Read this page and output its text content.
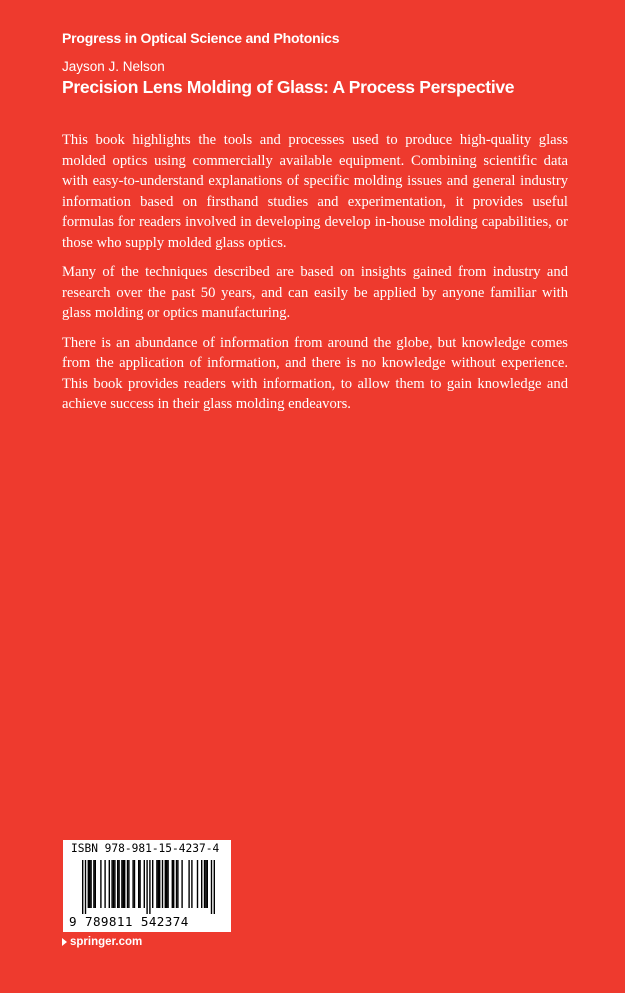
Progress in Optical Science and Photonics
Jayson J. Nelson
Precision Lens Molding of Glass: A Process Perspective

This book highlights the tools and processes used to produce high-quality glass molded optics using commercially available equipment. Combining scientific data with easy-to-understand explanations of specific molding issues and general industry information based on firsthand studies and experimentation, it provides useful formulas for readers involved in developing develop in-house molding capabilities, or those who supply molded glass optics.

Many of the techniques described are based on insights gained from industry and research over the past 50 years, and can easily be applied by anyone familiar with glass molding or optics manufacturing.

There is an abundance of information from around the globe, but knowledge comes from the application of information, and there is no knowledge without experience. This book provides readers with information, to allow them to gain knowledge and achieve success in their glass molding endeavors.

ISBN 978-981-15-4237-4
9 789811 542374
springer.com
